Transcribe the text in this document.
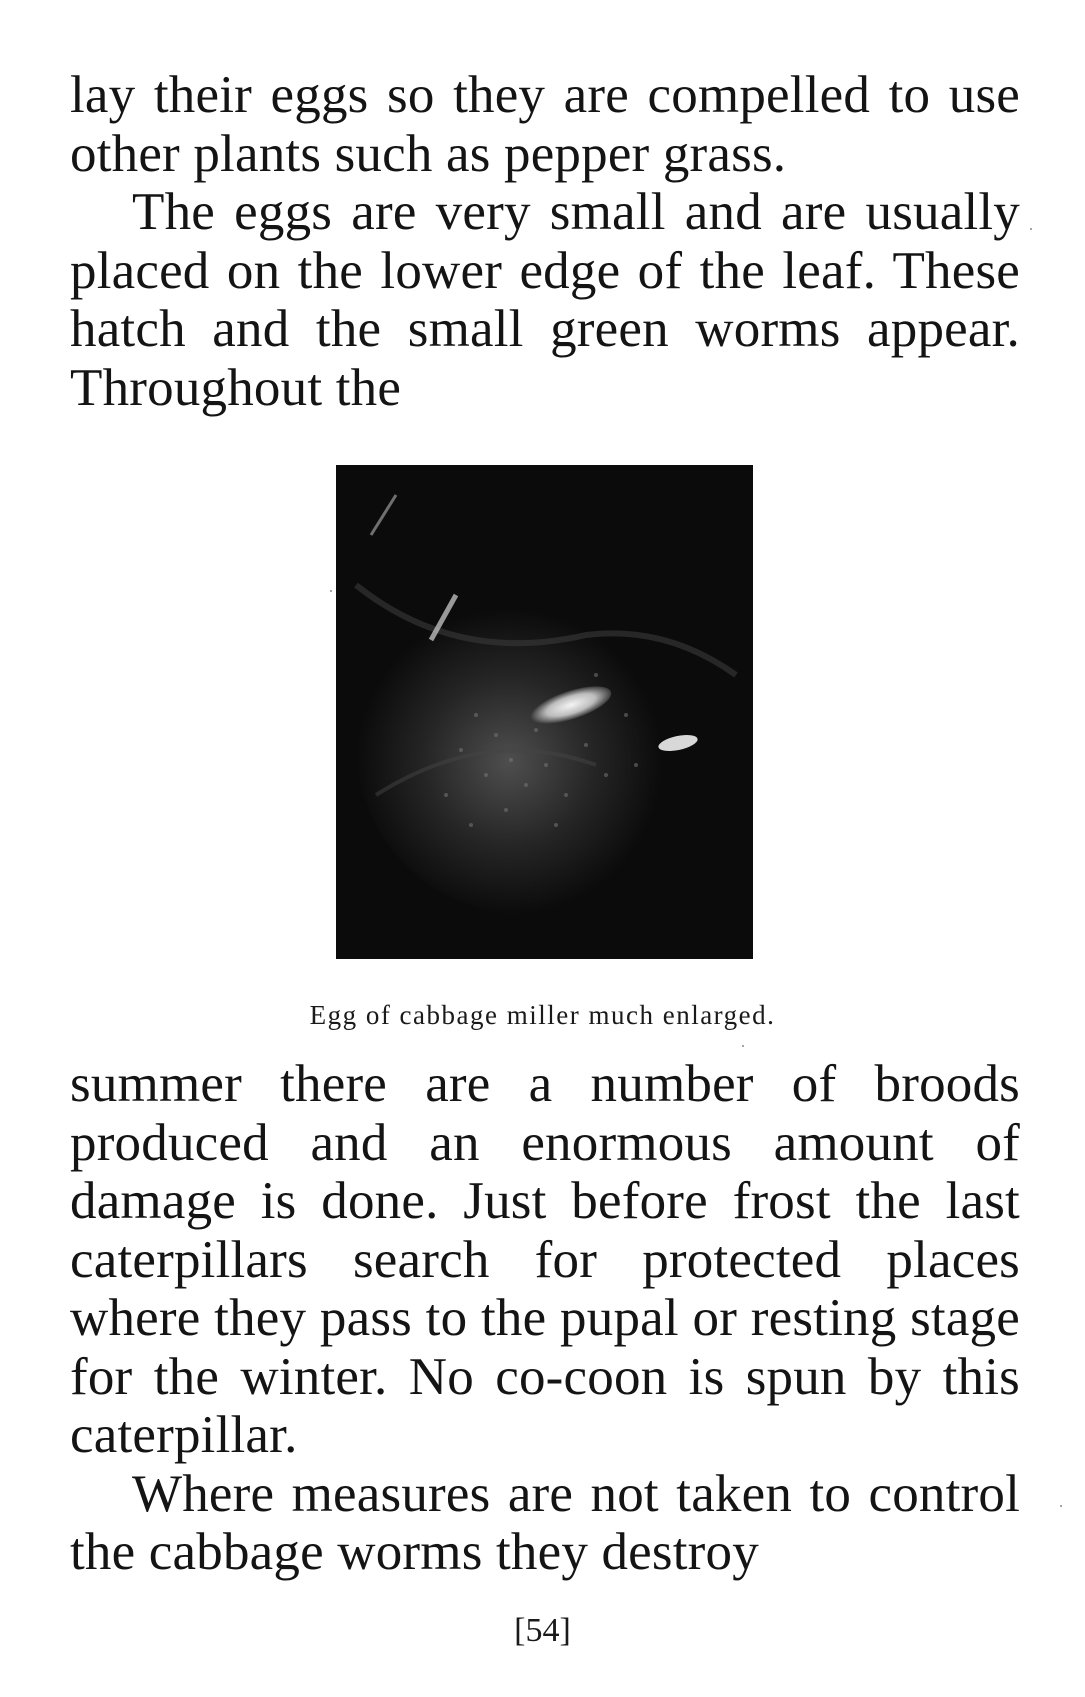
lay their eggs so they are compelled to use other plants such as pepper grass.

The eggs are very small and are usually placed on the lower edge of the leaf. These hatch and the small green worms appear. Throughout the

Egg of cabbage miller much enlarged.

summer there are a number of broods produced and an enormous amount of damage is done. Just before frost the last caterpillars search for protected places where they pass to the pupal or resting stage for the winter. No co-coon is spun by this caterpillar.

Where measures are not taken to control the cabbage worms they destroy

[54]
